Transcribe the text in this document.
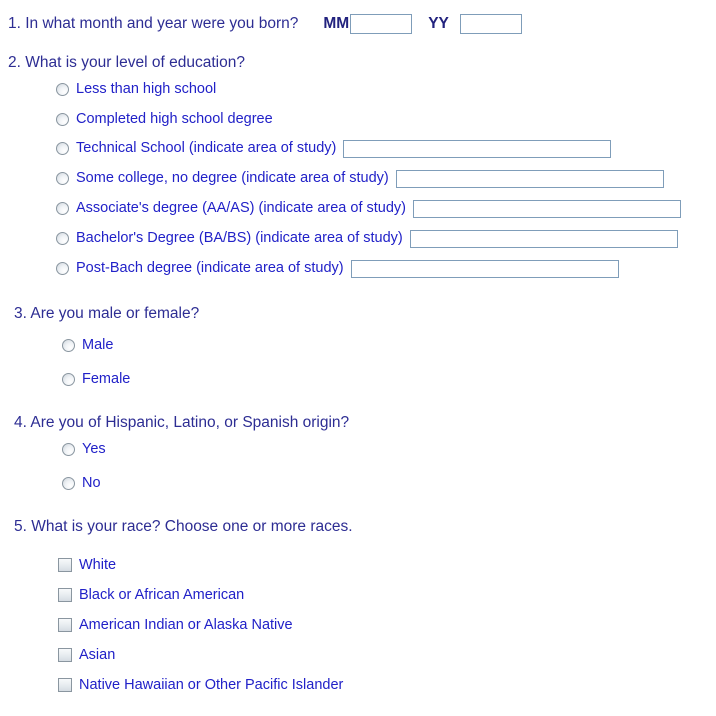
1. In what month and year were you born? MM	YY
2. What is your level of education?
Less than high school
Completed high school degree
Technical School (indicate area of study)
Some college, no degree (indicate area of study)
Associate's degree (AA/AS) (indicate area of study)
Bachelor's Degree (BA/BS) (indicate area of study)
Post-Bach degree (indicate area of study)
3. Are you male or female?
Male
Female
4. Are you of Hispanic, Latino, or Spanish origin?
Yes
No
5. What is your race? Choose one or more races.
White
Black or African American
American Indian or Alaska Native
Asian
Native Hawaiian or Other Pacific Islander
